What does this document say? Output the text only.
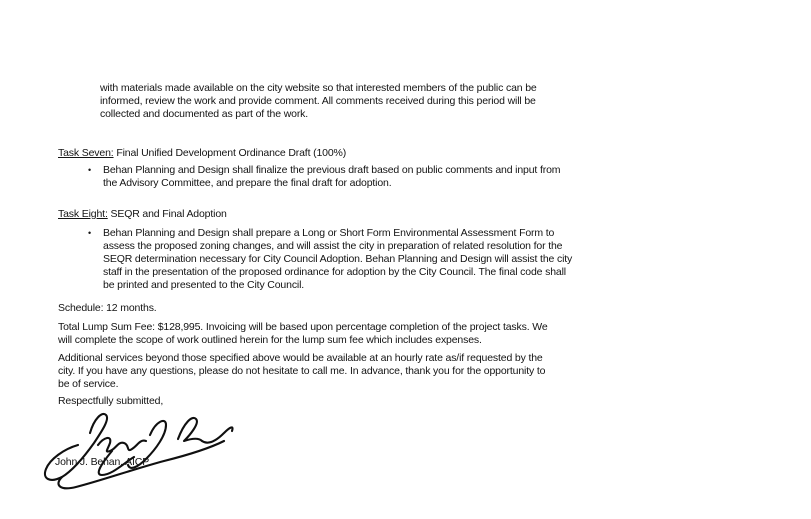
with materials made available on the city website so that interested members of the public can be
informed, review the work and provide comment. All comments received during this period will be
collected and documented as part of the work.
Task Seven: Final Unified Development Ordinance Draft (100%)
•	Behan Planning and Design shall finalize the previous draft based on public comments and input from
the Advisory Committee, and prepare the final draft for adoption.
Task Eight: SEQR and Final Adoption
•	Behan Planning and Design shall prepare a Long or Short Form Environmental Assessment Form to
assess the proposed zoning changes, and will assist the city in preparation of related resolution for the
SEQR determination necessary for City Council Adoption. Behan Planning and Design will assist the city
staff in the presentation of the proposed ordinance for adoption by the City Council. The final code shall
be printed and presented to the City Council.
Schedule: 12 months.
Total Lump Sum Fee: $128,995. Invoicing will be based upon percentage completion of the project tasks. We
will complete the scope of work outlined herein for the lump sum fee which includes expenses.
Additional services beyond those specified above would be available at an hourly rate as/if requested by the
city. If you have any questions, please do not hesitate to call me. In advance, thank you for the opportunity to
be of service.
Respectfully submitted,
John J. Behan, AICP
